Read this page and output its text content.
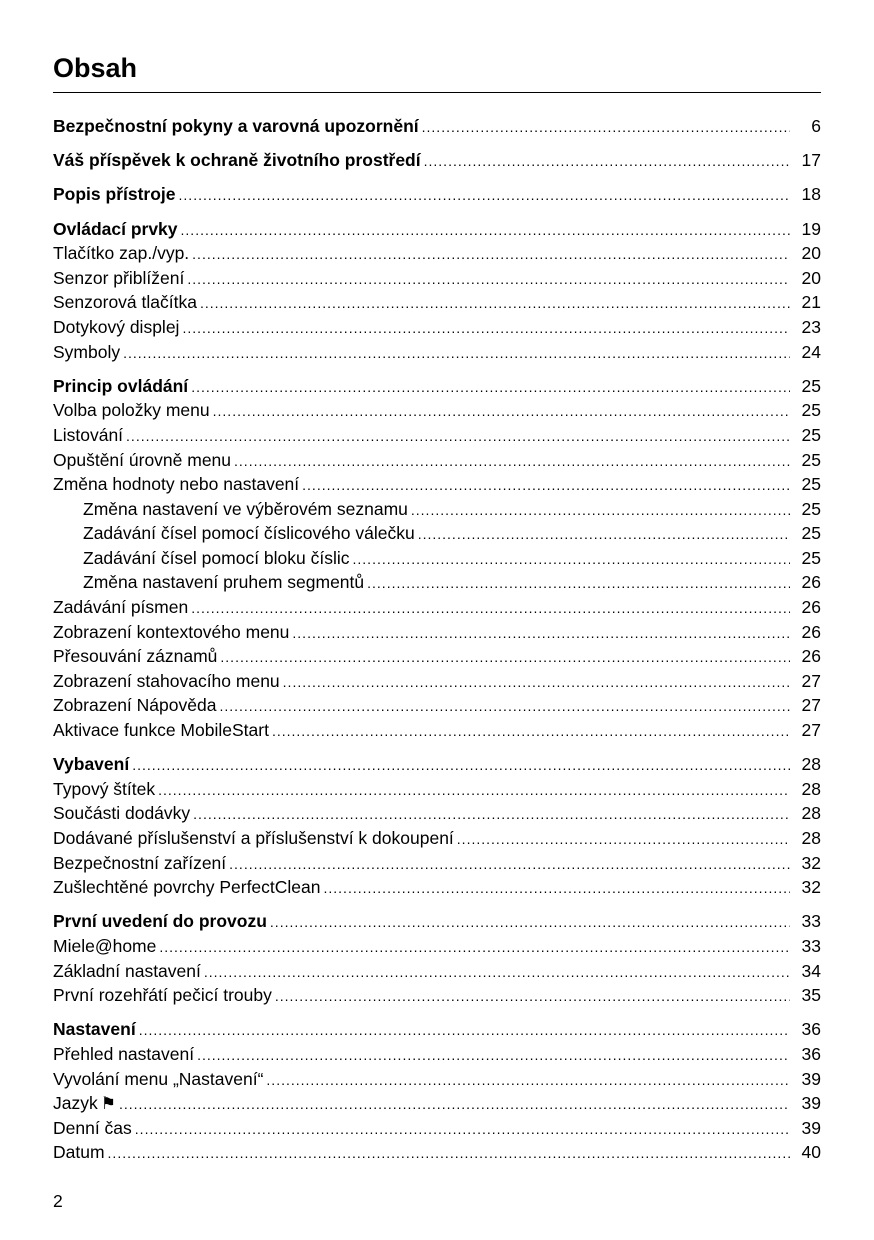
Obsah
Bezpečnostní pokyny a varovná upozornění .....	6
Váš příspěvek k ochraně životního prostředí .....	17
Popis přístroje .....	18
Ovládací prvky .....	19
Tlačítko zap./vyp. .....	20
Senzor přiblížení .....	20
Senzorová tlačítka .....	21
Dotykový displej .....	23
Symboly .....	24
Princip ovládání .....	25
Volba položky menu .....	25
Listování .....	25
Opuštění úrovně menu .....	25
Změna hodnoty nebo nastavení .....	25
Změna nastavení ve výběrovém seznamu .....	25
Zadávání čísel pomocí číslicového válečku .....	25
Zadávání čísel pomocí bloku číslic .....	25
Změna nastavení pruhem segmentů .....	26
Zadávání písmen .....	26
Zobrazení kontextového menu .....	26
Přesouvání záznamů .....	26
Zobrazení stahovacího menu .....	27
Zobrazení Nápověda .....	27
Aktivace funkce MobileStart .....	27
Vybavení .....	28
Typový štítek .....	28
Součásti dodávky .....	28
Dodávané příslušenství a příslušenství k dokoupení .....	28
Bezpečnostní zařízení .....	32
Zušlechtěné povrchy PerfectClean .....	32
První uvedení do provozu .....	33
Miele@home .....	33
Základní nastavení .....	34
První rozehřátí pečicí trouby .....	35
Nastavení .....	36
Přehled nastavení .....	36
Vyvolání menu „Nastavení“ .....	39
Jazyk ⚑ .....	39
Denní čas .....	39
Datum .....	40
2
